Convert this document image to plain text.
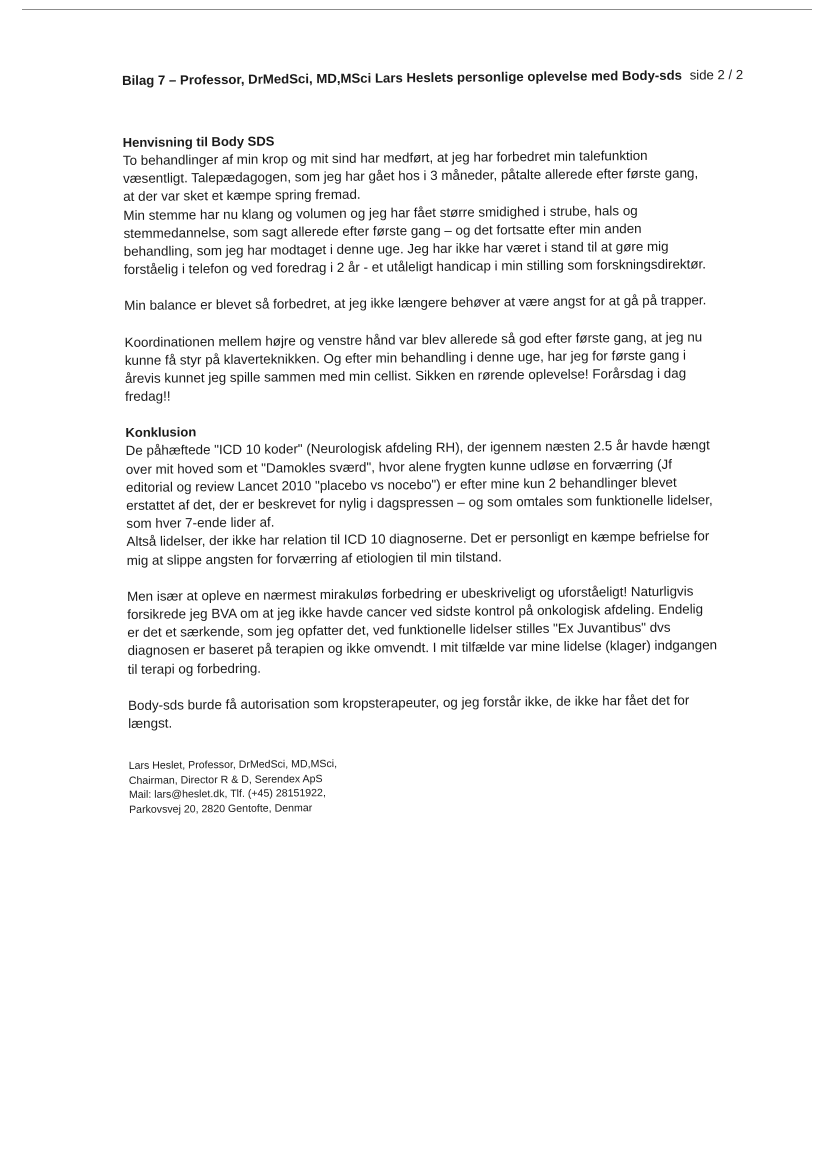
Bilag 7 – Professor, DrMedSci, MD,MSci Lars Heslets personlige oplevelse med Body-sds side 2 / 2
Henvisning til Body SDS

To behandlinger af min krop og mit sind har medført, at jeg har forbedret min talefunktion væsentligt. Talepædagogen, som jeg har gået hos i 3 måneder, påtalte allerede efter første gang, at der var sket et kæmpe spring fremad.

Min stemme har nu klang og volumen og jeg har fået større smidighed i strube, hals og stemmedannelse, som sagt allerede efter første gang – og det fortsatte efter min anden behandling, som jeg har modtaget i denne uge. Jeg har ikke har været i stand til at gøre mig forståelig i telefon og ved foredrag i 2 år - et utåleligt handicap i min stilling som forskningsdirektør.

Min balance er blevet så forbedret, at jeg ikke længere behøver at være angst for at gå på trapper.

Koordinationen mellem højre og venstre hånd var blev allerede så god efter første gang, at jeg nu kunne få styr på klaverteknikken. Og efter min behandling i denne uge, har jeg for første gang i årevis kunnet jeg spille sammen med min cellist. Sikken en rørende oplevelse! Forårsdag i dag fredag!!

Konklusion

De påhæftede "ICD 10 koder" (Neurologisk afdeling RH), der igennem næsten 2.5 år havde hængt over mit hoved som et "Damokles sværd", hvor alene frygten kunne udløse en forværring (Jf editorial og review Lancet 2010 "placebo vs nocebo") er efter mine kun 2 behandlinger blevet erstattet af det, der er beskrevet for nylig i dagspressen – og som omtales som funktionelle lidelser, som hver 7-ende lider af.

Altså lidelser, der ikke har relation til ICD 10 diagnoserne. Det er personligt en kæmpe befrielse for mig at slippe angsten for forværring af etiologien til min tilstand.

Men især at opleve en nærmest mirakuløs forbedring er ubeskriveligt og uforståeligt! Naturligvis forsikrede jeg BVA om at jeg ikke havde cancer ved sidste kontrol på onkologisk afdeling. Endelig er det et særkende, som jeg opfatter det, ved funktionelle lidelser stilles "Ex Juvantibus" dvs diagnosen er baseret på terapien og ikke omvendt. I mit tilfælde var mine lidelse (klager) indgangen til terapi og forbedring.

Body-sds burde få autorisation som kropsterapeuter, og jeg forstår ikke, de ikke har fået det for længst.

Lars Heslet, Professor, DrMedSci, MD,MSci,
Chairman, Director R & D, Serendex ApS
Mail: lars@heslet.dk, Tlf. (+45) 28151922,
Parkovsvej 20, 2820 Gentofte, Denmar
